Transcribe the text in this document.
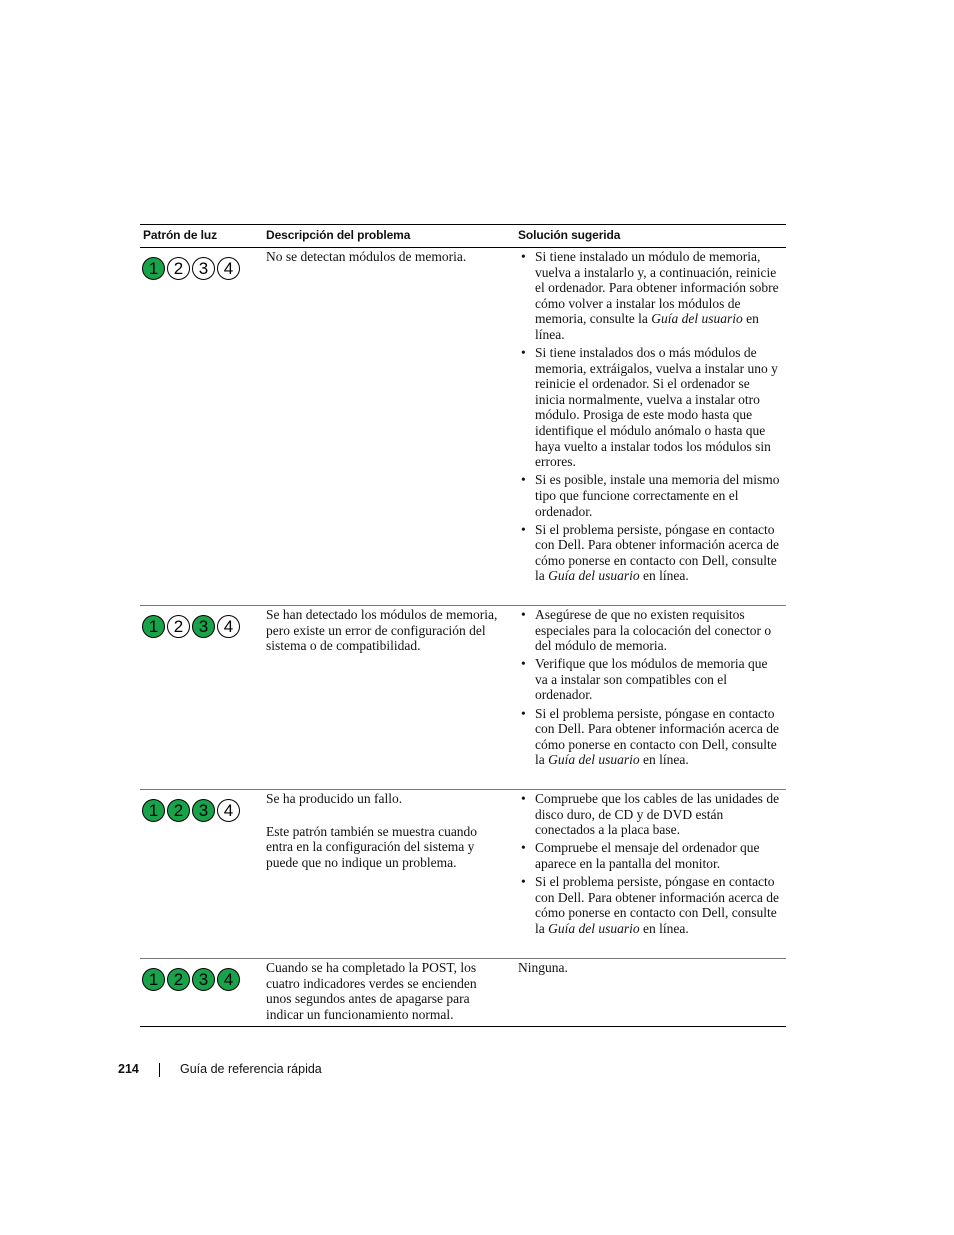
Patrón de luz	Descripción del problema	Solución sugerida
1 2 3 4

No se detectan módulos de memoria.

•	Si tiene instalado un módulo de memoria, vuelva a instalarlo y, a continuación, reinicie el ordenador. Para obtener información sobre cómo volver a instalar los módulos de memoria, consulte la Guía del usuario en línea.
• Si tiene instalados dos o más módulos de memoria, extráigalos, vuelva a instalar uno y reinicie el ordenador. Si el ordenador se inicia normalmente, vuelva a instalar otro módulo. Prosiga de este modo hasta que identifique el módulo anómalo o hasta que haya vuelto a instalar todos los módulos sin errores.
• Si es posible, instale una memoria del mismo tipo que funcione correctamente en el ordenador.
• Si el problema persiste, póngase en contacto con Dell. Para obtener información acerca de cómo ponerse en contacto con Dell, consulte la Guía del usuario en línea.
1 2 3 4

Se han detectado los módulos de memoria, pero existe un error de configuración del sistema o de compatibilidad.

• Asegúrese de que no existen requisitos especiales para la colocación del conector o del módulo de memoria.
• Verifique que los módulos de memoria que va a instalar son compatibles con el ordenador.
• Si el problema persiste, póngase en contacto con Dell. Para obtener información acerca de cómo ponerse en contacto con Dell, consulte la Guía del usuario en línea.
1 2 3 4

Se ha producido un fallo.

Este patrón también se muestra cuando entra en la configuración del sistema y puede que no indique un problema.

• Compruebe que los cables de las unidades de disco duro, de CD y de DVD están conectados a la placa base.
• Compruebe el mensaje del ordenador que aparece en la pantalla del monitor.
• Si el problema persiste, póngase en contacto con Dell. Para obtener información acerca de cómo ponerse en contacto con Dell, consulte la Guía del usuario en línea.
1 2 3 4

Cuando se ha completado la POST, los cuatro indicadores verdes se encienden unos segundos antes de apagarse para indicar un funcionamiento normal.

Ninguna.

214	Guía de referencia rápida
